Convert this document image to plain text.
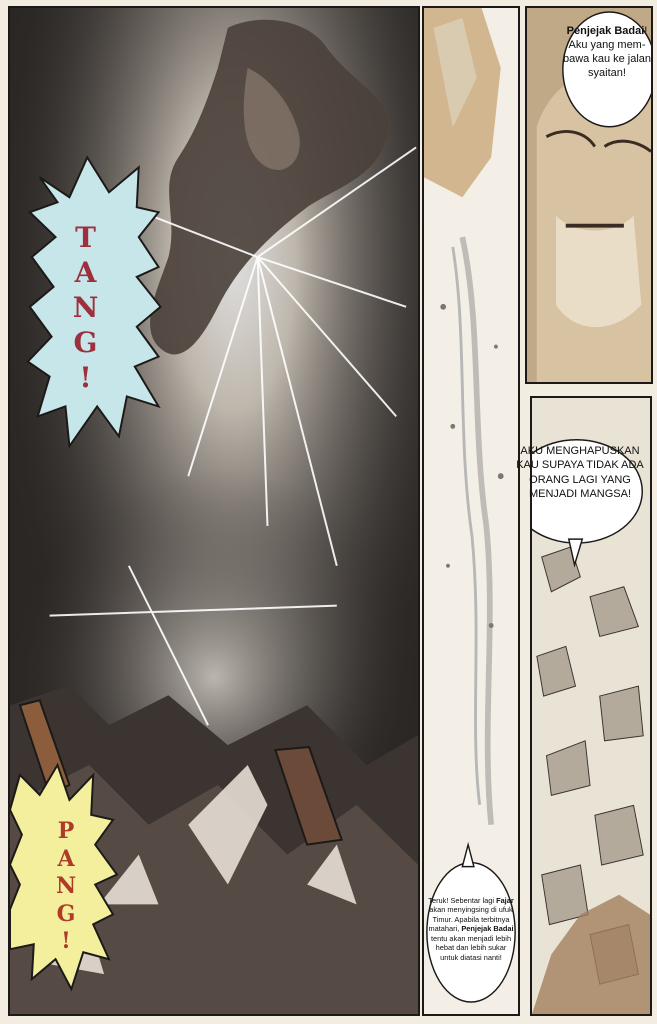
T
A
N
G
!
P
A
N
G
!
Penjejak Badai! Aku yang mem-bawa kau ke jalan syaitan!
AKU MENGHAPUSKAN KAU SUPAYA TIDAK ADA ORANG LAGI YANG MENJADI MANGSA!
Teruk! Sebentar lagi Fajar akan menyingsing di ufuk Timur. Apabila terbitnya matahari, Penjejak Badai tentu akan menjadi lebih hebat dan lebih sukar untuk diatasi nanti!
